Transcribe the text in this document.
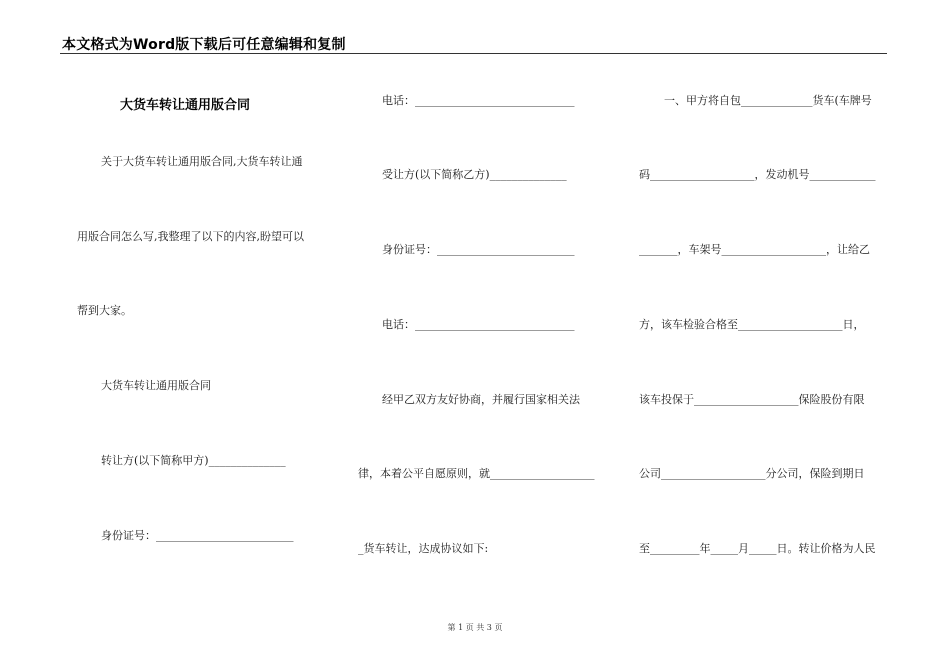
本文格式为Word版下载后可任意编辑和复制
大货车转让通用版合同
关于大货车转让通用版合同,大货车转让通
用版合同怎么写,我整理了以下的内容,盼望可以
帮到大家。
大货车转让通用版合同
转让方(以下简称甲方)______________
身份证号：_________________________
电话：_____________________________
受让方(以下简称乙方)______________
身份证号：_________________________
电话：_____________________________
经甲乙双方友好协商，并履行国家相关法
律，本着公平自愿原则，就___________________
_货车转让，达成协议如下:
一、甲方将自包_____________货车(车牌号
码___________________，发动机号____________
_______，车架号___________________，让给乙
方，该车检验合格至___________________日，
该车投保于___________________保险股份有限
公司___________________分公司，保险到期日
至_________年_____月_____日。转让价格为人民
第 1 页 共 3 页
